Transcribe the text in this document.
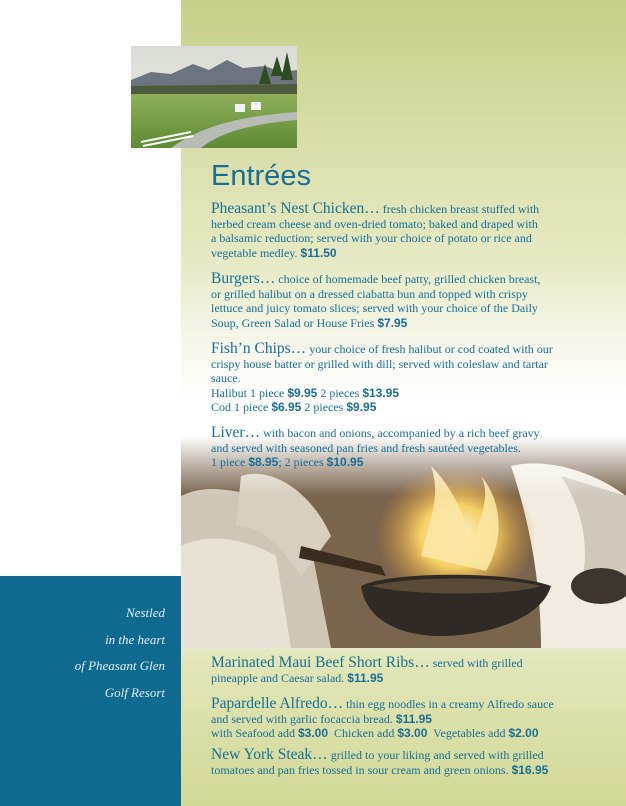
Entrées

Pheasant’s Nest Chicken… fresh chicken breast stuffed with
herbed cream cheese and oven-dried tomato; baked and draped with
a balsamic reduction; served with your choice of potato or rice and
vegetable medley. $11.50

Burgers… choice of homemade beef patty, grilled chicken breast,
or grilled halibut on a dressed ciabatta bun and topped with crispy
lettuce and juicy tomato slices; served with your choice of the Daily
Soup, Green Salad or House Fries $7.95

Fish’n Chips… your choice of fresh halibut or cod coated with our
crispy house batter or grilled with dill; served with coleslaw and tartar
sauce.
Halibut 1 piece $9.95 2 pieces $13.95
Cod 1 piece $6.95 2 pieces $9.95

pauline pike

Liver… with bacon and onions, accompanied by a rich beef gravy
and served with seasoned pan fries and fresh sautéed vegetables.
1 piece $8.95; 2 pieces $10.95

Nestled
in the heart
of Pheasant Glen
Golf Resort

Marinated Maui Beef Short Ribs… served with grilled
pineapple and Caesar salad. $11.95

Papardelle Alfredo… thin egg noodles in a creamy Alfredo sauce
and served with garlic focaccia bread. $11.95
with Seafood add $3.00 Chicken add $3.00 Vegetables add $2.00

New York Steak… grilled to your liking and served with grilled
tomatoes and pan fries tossed in sour cream and green onions. $16.95
